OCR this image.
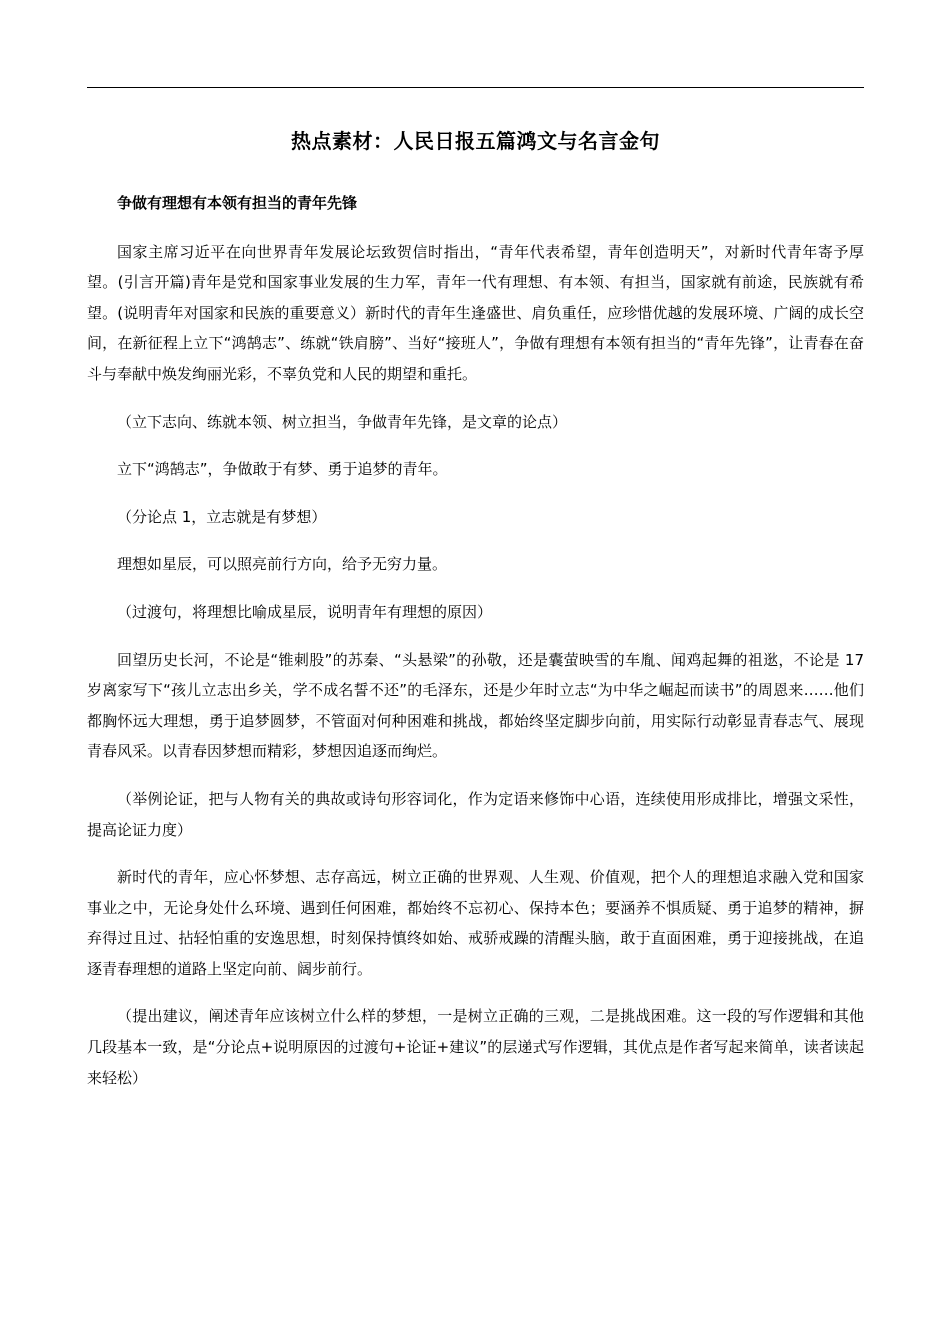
热点素材：人民日报五篇鸿文与名言金句

争做有理想有本领有担当的青年先锋

国家主席习近平在向世界青年发展论坛致贺信时指出，“青年代表希望，青年创造明天”，对新时代青年寄予厚望。(引言开篇)青年是党和国家事业发展的生力军，青年一代有理想、有本领、有担当，国家就有前途，民族就有希望。(说明青年对国家和民族的重要意义）新时代的青年生逢盛世、肩负重任，应珍惜优越的发展环境、广阔的成长空间，在新征程上立下“鸿鹄志”、练就“铁肩膀”、当好“接班人”，争做有理想有本领有担当的“青年先锋”，让青春在奋斗与奉献中焕发绚丽光彩，不辜负党和人民的期望和重托。

（立下志向、练就本领、树立担当，争做青年先锋，是文章的论点）

立下“鸿鹄志”，争做敢于有梦、勇于追梦的青年。

（分论点 1，立志就是有梦想）

理想如星辰，可以照亮前行方向，给予无穷力量。

（过渡句，将理想比喻成星辰，说明青年有理想的原因）

回望历史长河，不论是“锥刺股”的苏秦、“头悬梁”的孙敬，还是囊萤映雪的车胤、闻鸡起舞的祖逖，不论是 17 岁离家写下“孩儿立志出乡关，学不成名誓不还”的毛泽东，还是少年时立志“为中华之崛起而读书”的周恩来……他们都胸怀远大理想，勇于追梦圆梦，不管面对何种困难和挑战，都始终坚定脚步向前，用实际行动彰显青春志气、展现青春风采。以青春因梦想而精彩，梦想因追逐而绚烂。

（举例论证，把与人物有关的典故或诗句形容词化，作为定语来修饰中心语，连续使用形成排比，增强文采性，提高论证力度）

新时代的青年，应心怀梦想、志存高远，树立正确的世界观、人生观、价值观，把个人的理想追求融入党和国家事业之中，无论身处什么环境、遇到任何困难，都始终不忘初心、保持本色；要涵养不惧质疑、勇于追梦的精神，摒弃得过且过、拈轻怕重的安逸思想，时刻保持慎终如始、戒骄戒躁的清醒头脑，敢于直面困难，勇于迎接挑战，在追逐青春理想的道路上坚定向前、阔步前行。

（提出建议，阐述青年应该树立什么样的梦想，一是树立正确的三观，二是挑战困难。这一段的写作逻辑和其他几段基本一致，是“分论点+说明原因的过渡句+论证+建议”的层递式写作逻辑，其优点是作者写起来简单，读者读起来轻松）
